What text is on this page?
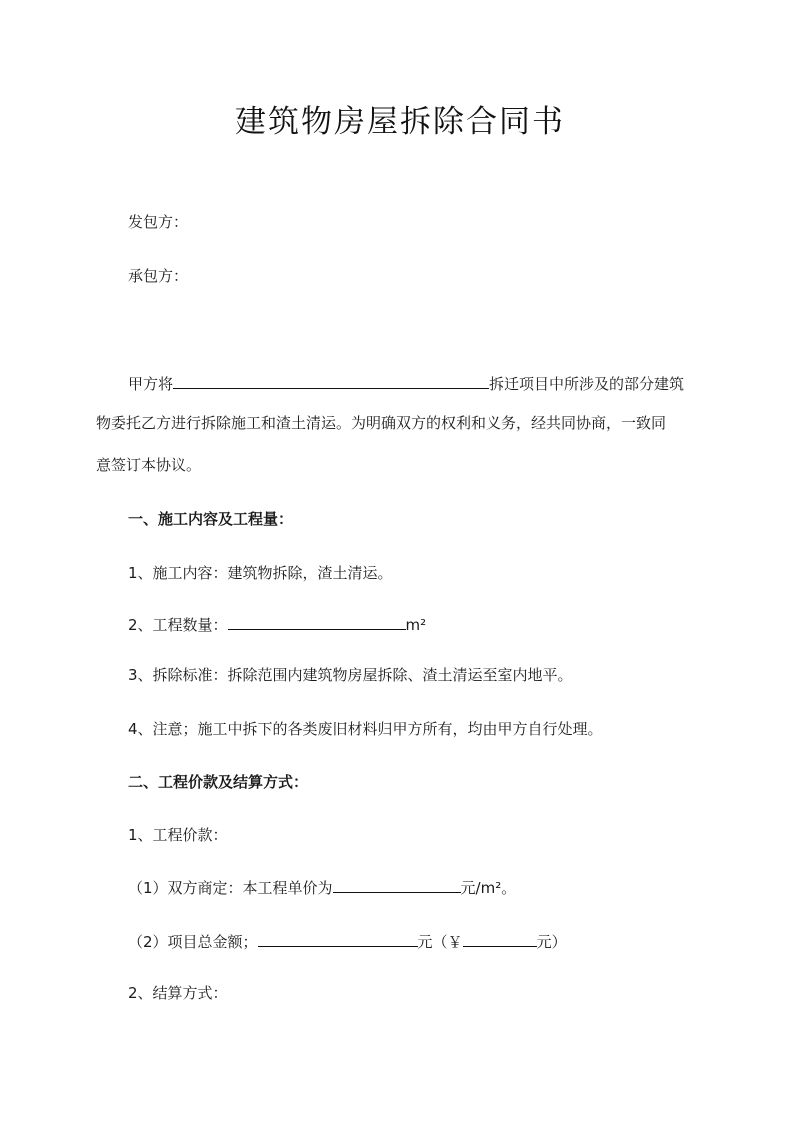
建筑物房屋拆除合同书
发包方：
承包方：
甲方将	拆迁项目中所涉及的部分建筑
物委托乙方进行拆除施工和渣土清运。为明确双方的权利和义务，经共同协商，一致同
意签订本协议。
一、施工内容及工程量：
1、施工内容：建筑物拆除，渣土清运。
2、工程数量：	m²
3、拆除标准：拆除范围内建筑物房屋拆除、渣土清运至室内地平。
4、注意；施工中拆下的各类废旧材料归甲方所有，均由甲方自行处理。
二、工程价款及结算方式：
1、工程价款：
（1）双方商定：本工程单价为	元/m²。
（2）项目总金额；	元（￥	元）
2、结算方式：
